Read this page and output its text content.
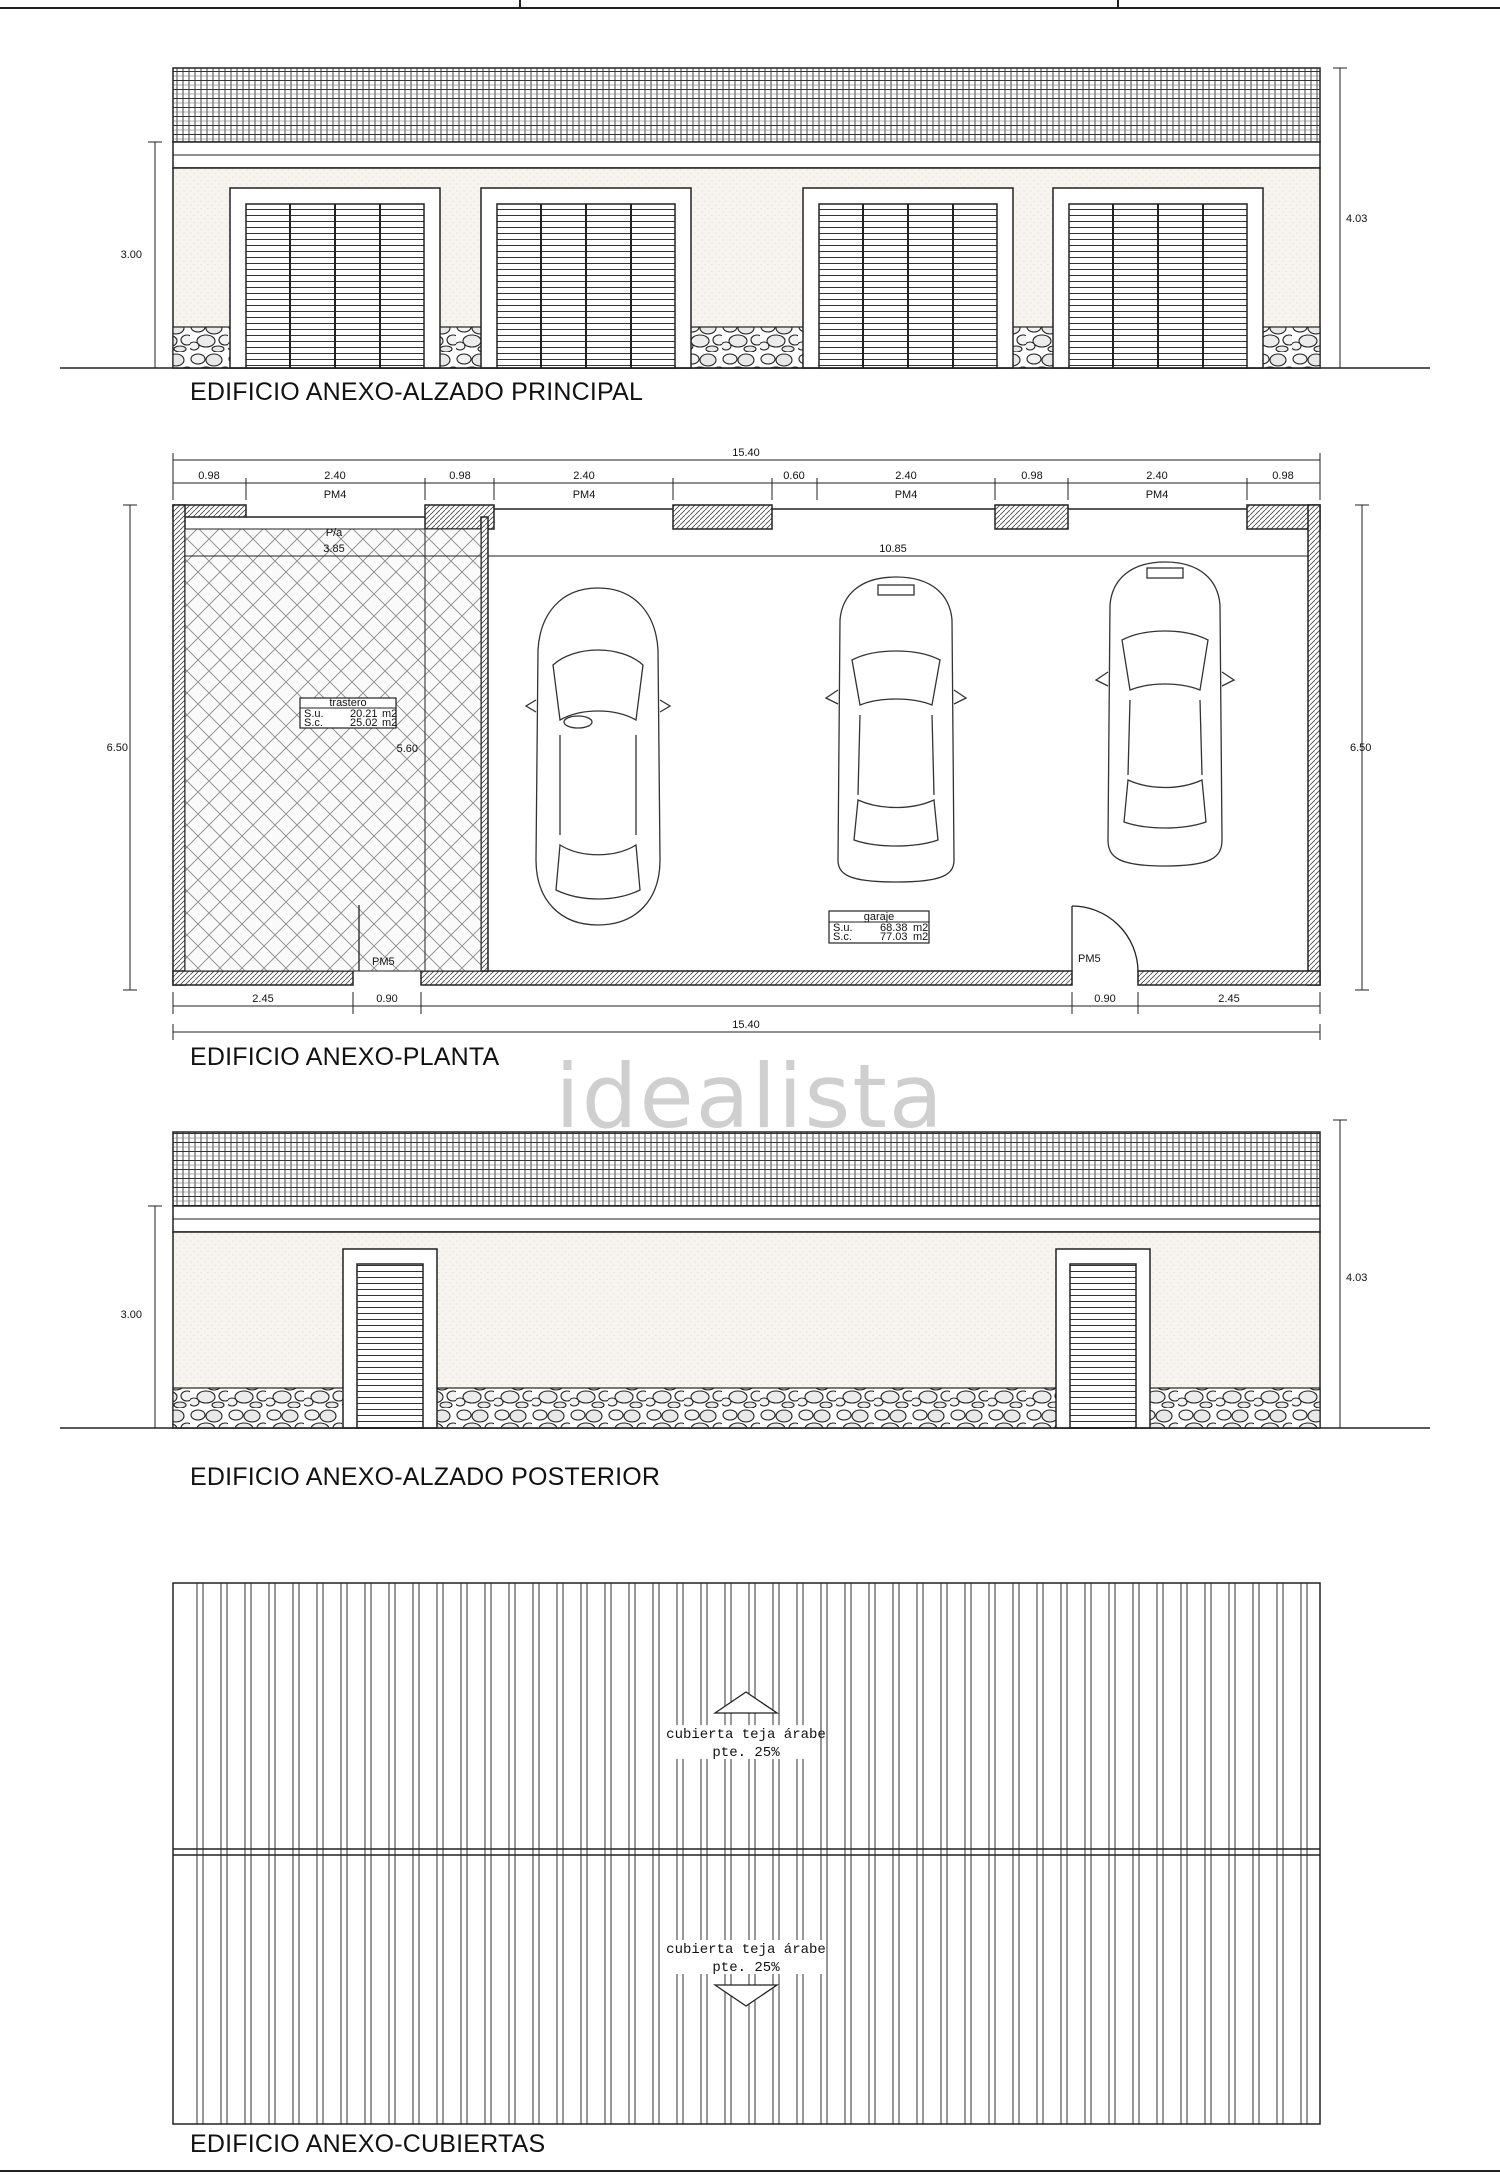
3.00
4.03
15.40
0.98	2.40	0.98	2.40	0.60	2.40	0.98	2.40	0.98
PM4	PM4	PM4	PM4
P/a
3.85	10.85
5.60
trastero
S.u. 20.21 m2
S.c. 25.02 m2
garaje
S.u. 68.38 m2
S.c.	77.03 m2
PM5	PM5
6.50	6.50
2.45	0.90	0.90	2.45
15.40
3.00
4.03
cubierta teja árabe
pte. 25%
cubierta teja árabe
pte. 25%
EDIFICIO ANEXO-ALZADO PRINCIPAL
EDIFICIO ANEXO-PLANTA
EDIFICIO ANEXO-ALZADO POSTERIOR
EDIFICIO ANEXO-CUBIERTAS
idealista
